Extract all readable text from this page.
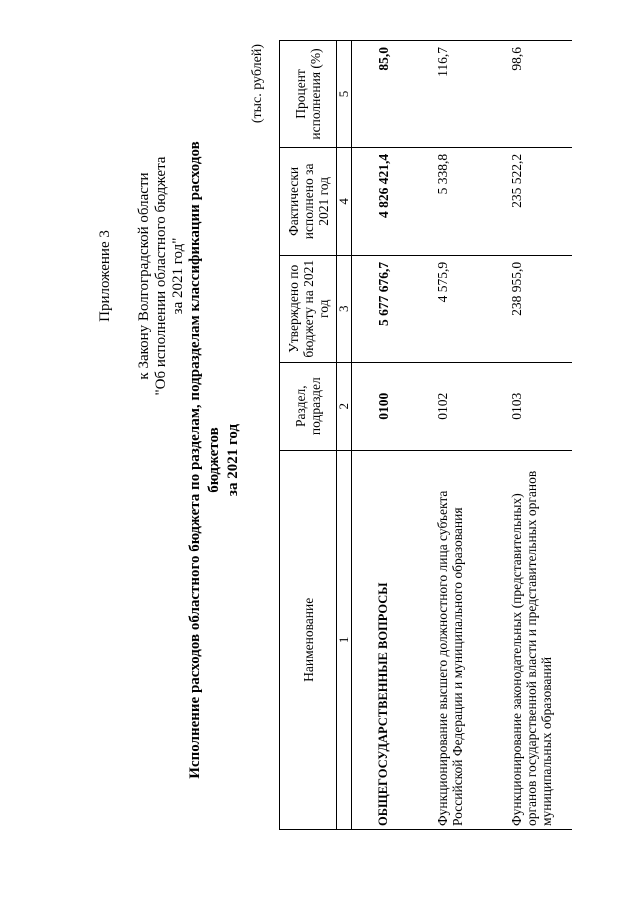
Приложение 3 к Закону Волгоградской области "Об исполнении областного бюджета за 2021 год" Исполнение расходов областного бюджета по разделам, подразделам классификации расходов бюджетов за 2021 год
(тыс. рублей)
Наименование	Раздел, подраздел	Утверждено по бюджету на 2021 год	Фактически исполнено за 2021 год	Процент исполнения (%)
1	2	3	4	5
ОБЩЕГОСУДАРСТВЕННЫЕ ВОПРОСЫ	0100	5 677 676,7	4 826 421,4	85,0
Функционирование высшего должностного лица субъекта Российской Федерации и муниципального образования	0102	4 575,9	5 338,8	116,7
Функционирование законодательных (представительных) органов государственной власти и представительных органов муниципальных образований	0103	238 955,0	235 522,2	98,6
